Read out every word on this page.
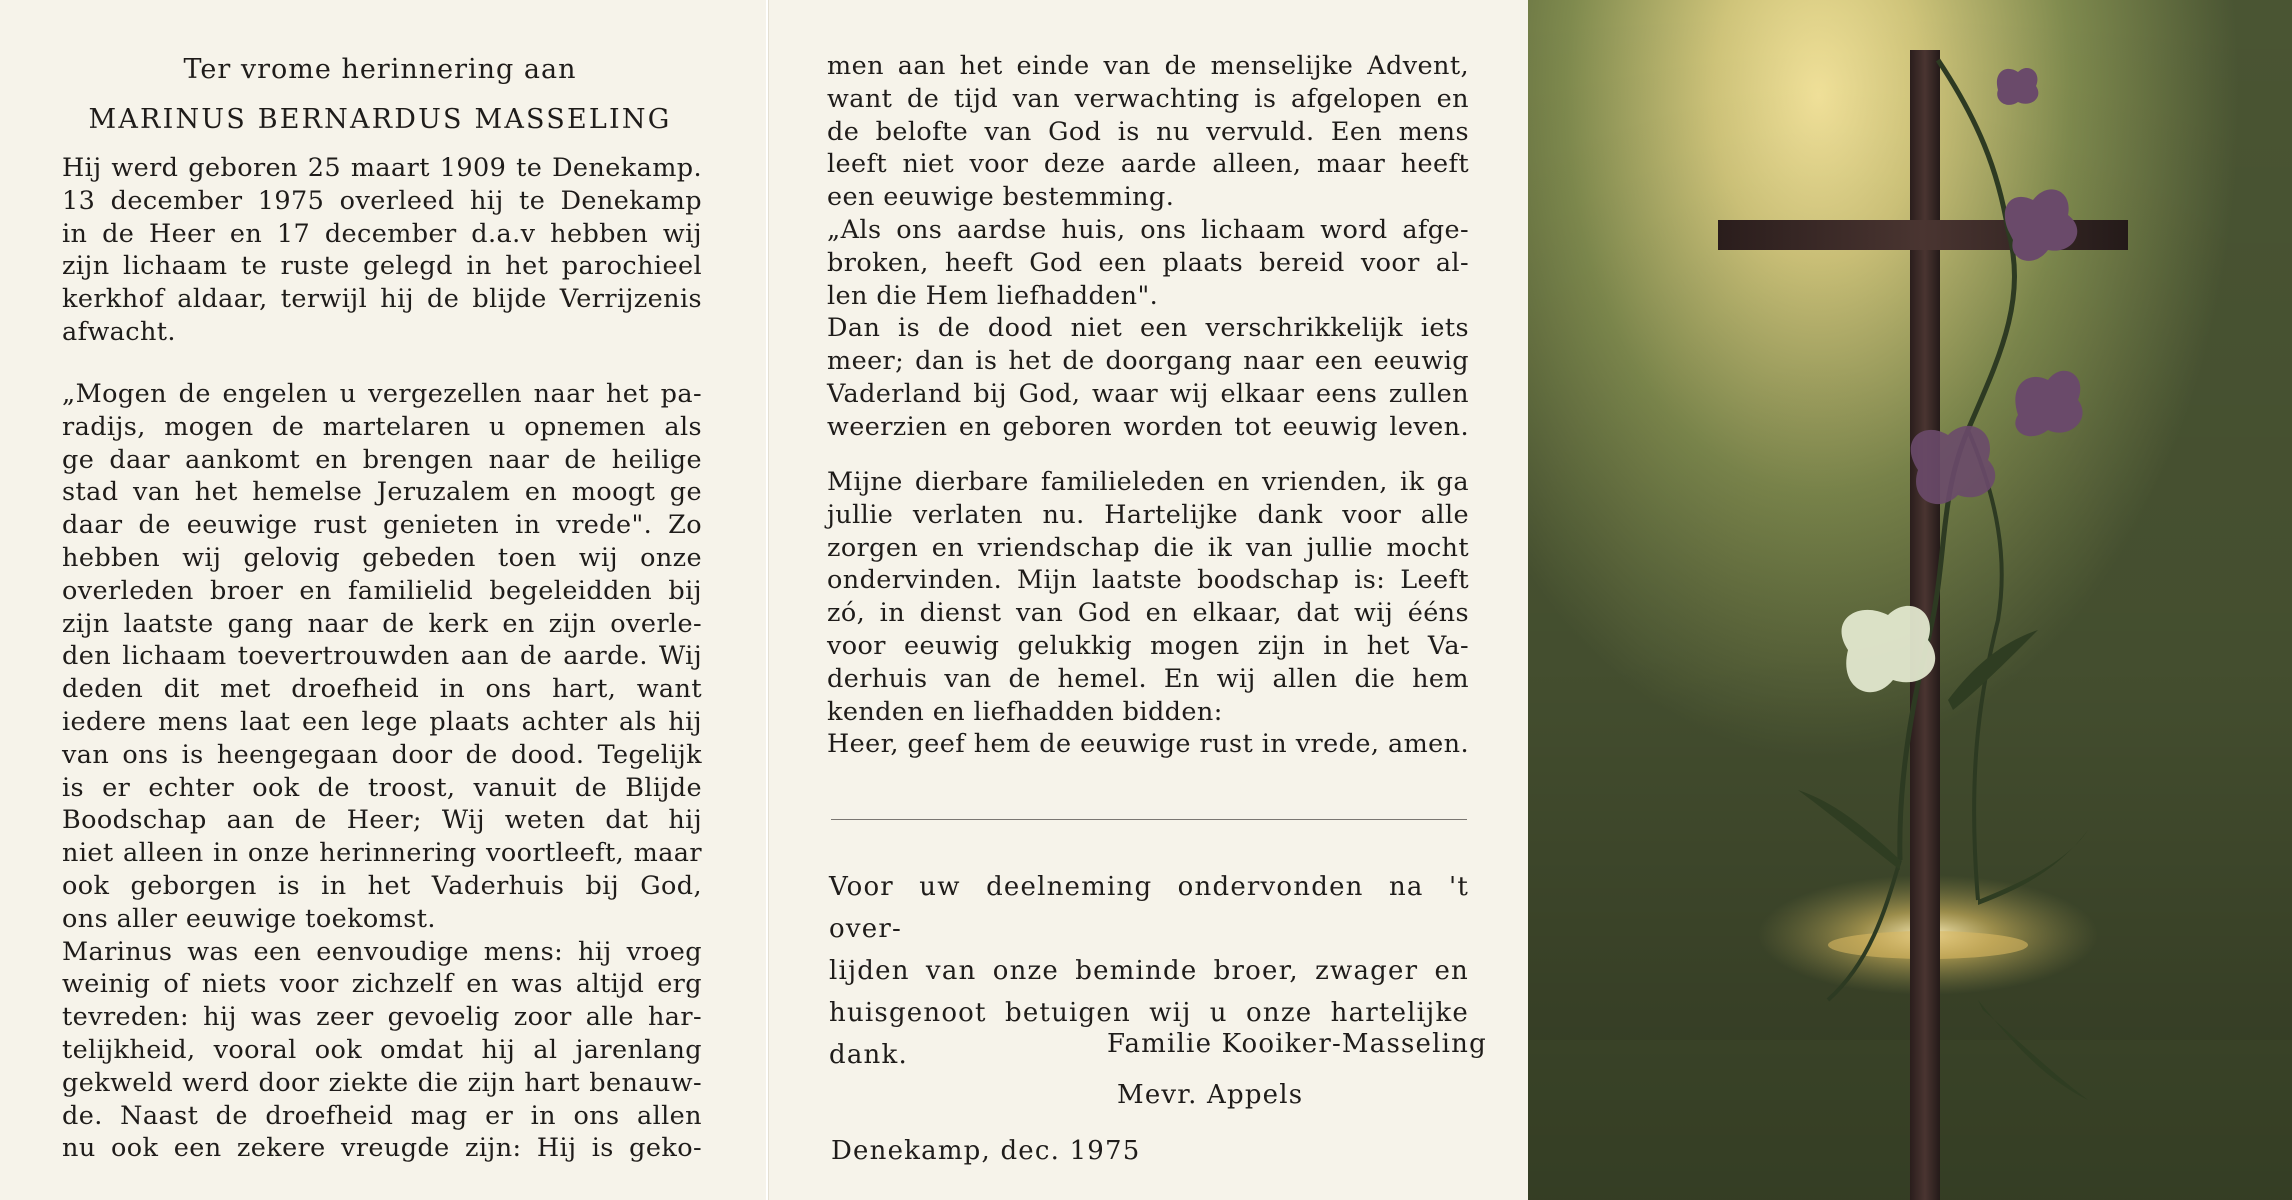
Ter vrome herinnering aan
MARINUS BERNARDUS MASSELING

Hij werd geboren 25 maart 1909 te Denekamp.

13 december 1975 overleed hij te Denekamp

in de Heer en 17 december d.a.v hebben wij

zijn lichaam te ruste gelegd in het parochieel

kerkhof aldaar, terwijl hij de blijde Verrijzenis

afwacht.

„Mogen de engelen u vergezellen naar het pa-

radijs, mogen de martelaren u opnemen als

ge daar aankomt en brengen naar de heilige

stad van het hemelse Jeruzalem en moogt ge

daar de eeuwige rust genieten in vrede". Zo

hebben wij gelovig gebeden toen wij onze

overleden broer en familielid begeleidden bij

zijn laatste gang naar de kerk en zijn overle-

den lichaam toevertrouwden aan de aarde. Wij

deden dit met droefheid in ons hart, want

iedere mens laat een lege plaats achter als hij

van ons is heengegaan door de dood. Tegelijk

is er echter ook de troost, vanuit de Blijde

Boodschap aan de Heer; Wij weten dat hij

niet alleen in onze herinnering voortleeft, maar

ook geborgen is in het Vaderhuis bij God,

ons aller eeuwige toekomst.

Marinus was een eenvoudige mens: hij vroeg

weinig of niets voor zichzelf en was altijd erg

tevreden: hij was zeer gevoelig zoor alle har-

telijkheid, vooral ook omdat hij al jarenlang

gekweld werd door ziekte die zijn hart benauw-

de. Naast de droefheid mag er in ons allen

nu ook een zekere vreugde zijn: Hij is geko-

men aan het einde van de menselijke Advent,

want de tijd van verwachting is afgelopen en

de belofte van God is nu vervuld. Een mens

leeft niet voor deze aarde alleen, maar heeft

een eeuwige bestemming.

„Als ons aardse huis, ons lichaam word afge-

broken, heeft God een plaats bereid voor al-

len die Hem liefhadden".

Dan is de dood niet een verschrikkelijk iets

meer; dan is het de doorgang naar een eeuwig

Vaderland bij God, waar wij elkaar eens zullen

weerzien en geboren worden tot eeuwig leven.

Mijne dierbare familieleden en vrienden, ik ga

jullie verlaten nu. Hartelijke dank voor alle

zorgen en vriendschap die ik van jullie mocht

ondervinden. Mijn laatste boodschap is: Leeft

zó, in dienst van God en elkaar, dat wij ééns

voor eeuwig gelukkig mogen zijn in het Va-

derhuis van de hemel. En wij allen die hem

kenden en liefhadden bidden:

Heer, geef hem de eeuwige rust in vrede, amen.

Voor uw deelneming ondervonden na 't over-

lijden van onze beminde broer, zwager en

huisgenoot betuigen wij u onze hartelijke dank.	Familie Kooiker-Masseling
Mevr. Appels
Denekamp, dec. 1975
